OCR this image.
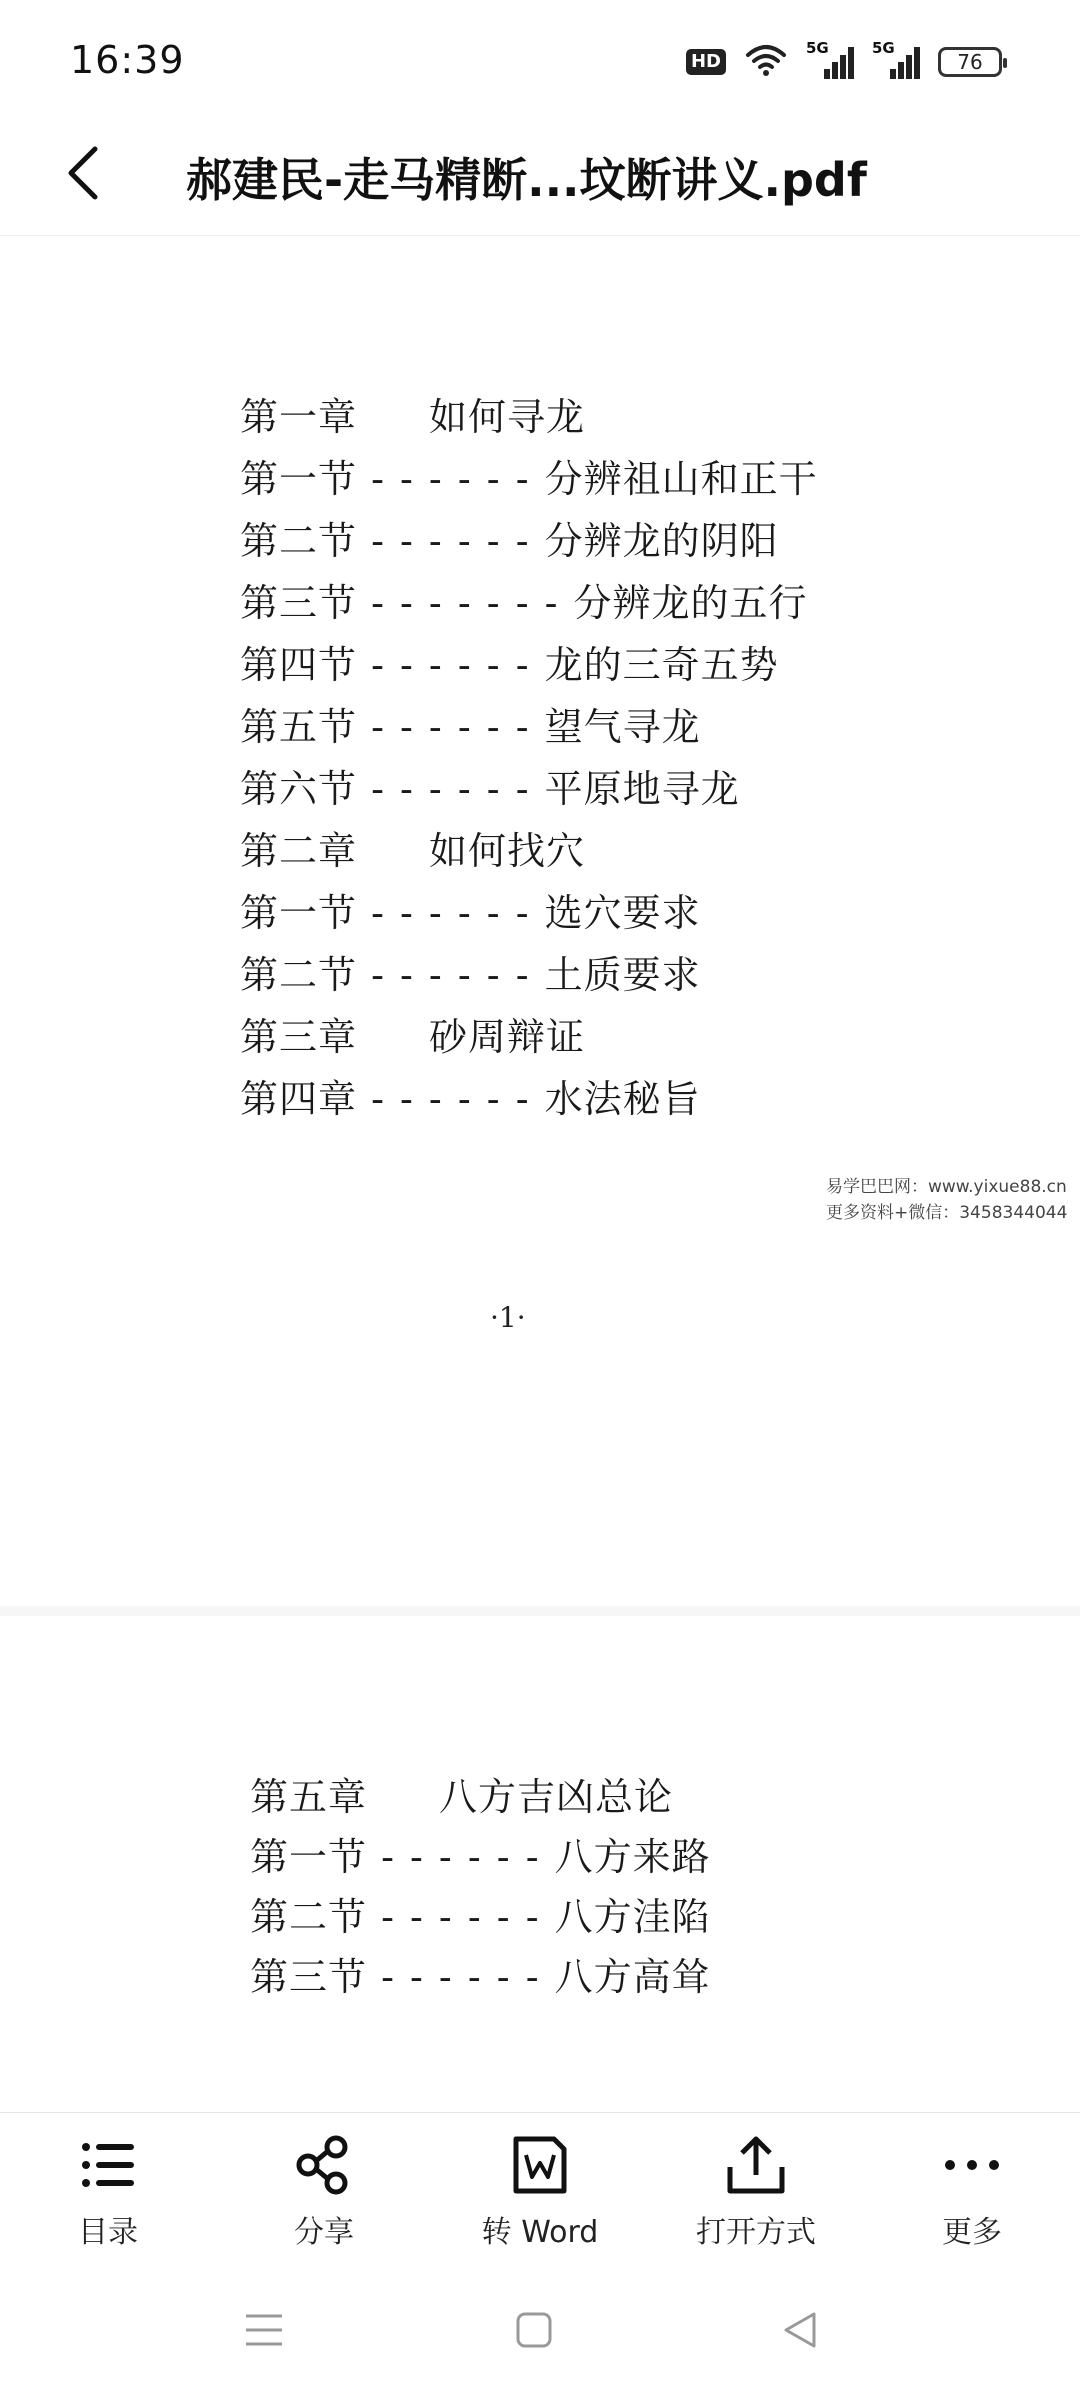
16:39	HD
5G	5G
76
郝建民-走马精断...坟断讲义.pdf
第一章 如何寻龙
第一节 - - - - - - 分辨祖山和正干
第二节 - - - - - - 分辨龙的阴阳
第三节 - - - - - - - 分辨龙的五行
第四节 - - - - - - 龙的三奇五势
第五节 - - - - - - 望气寻龙
第六节 - - - - - - 平原地寻龙
第二章 如何找穴
第一节 - - - - - - 选穴要求
第二节 - - - - - - 土质要求
第三章 砂周辩证
第四章 - - - - - - 水法秘旨
·1·
易学巴巴网：www.yixue88.cn
更多资料+微信：3458344044
第五章 八方吉凶总论
第一节 - - - - - - 八方来路
第二节 - - - - - - 八方洼陷
第三节 - - - - - - 八方高耸
目录	分享	转 Word	打开方式	更多
